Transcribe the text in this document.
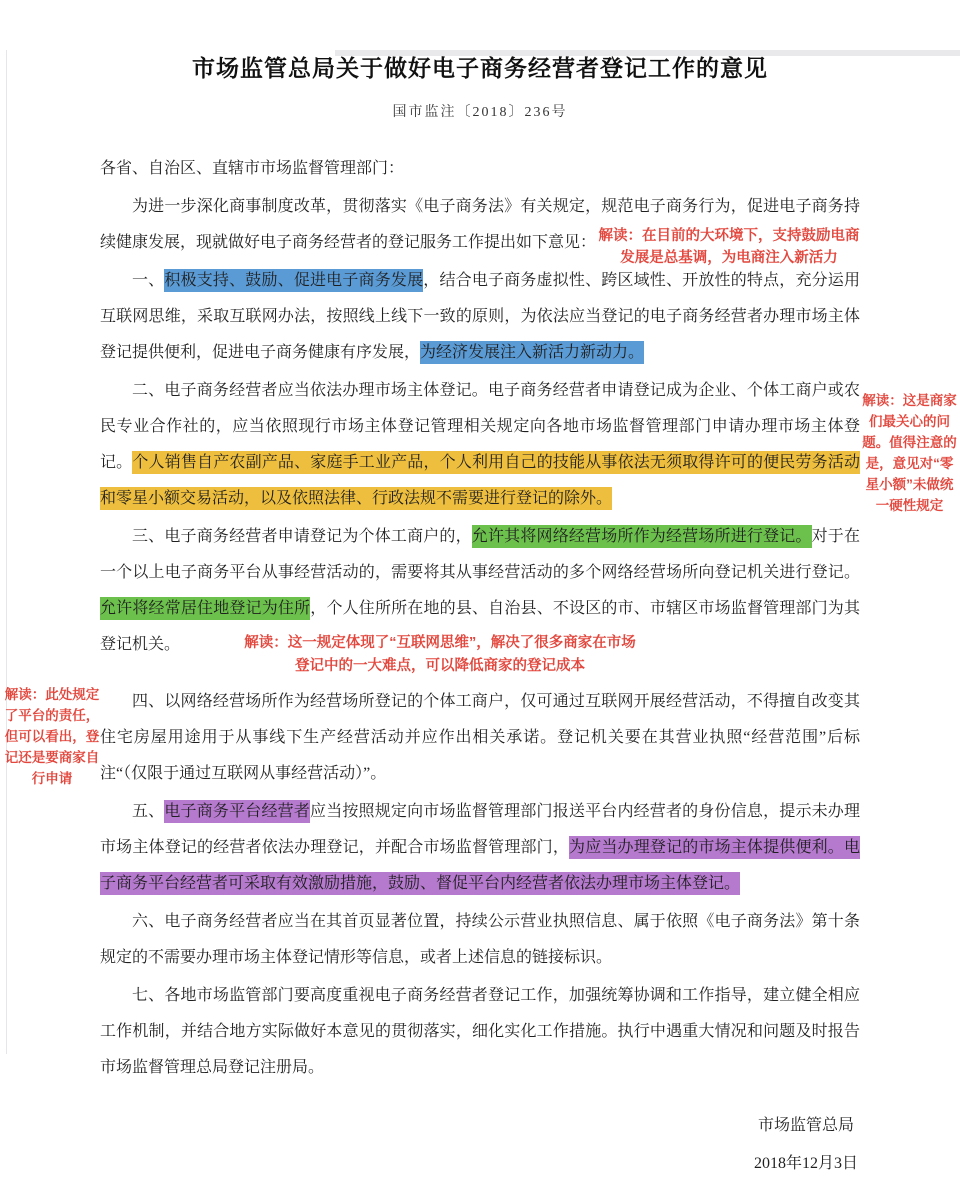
解读：这是商家们最关心的问题。值得注意的是，意见对“零星小额”未做统一硬性规定
解读：此处规定了平台的责任，但可以看出，登记还是要商家自行申请
市场监管总局关于做好电子商务经营者登记工作的意见
国市监注〔2018〕236号
各省、自治区、直辖市市场监督管理部门：

为进一步深化商事制度改革，贯彻落实《电子商务法》有关规定，规范电子商务行为，促进电子商务持续健康发展，现就做好电子商务经营者的登记服务工作提出如下意见： 解读：在目前的大环境下，支持鼓励电商发展是总基调，为电商注入新活力

一、积极支持、鼓励、促进电子商务发展，结合电子商务虚拟性、跨区域性、开放性的特点，充分运用互联网思维，采取互联网办法，按照线上线下一致的原则，为依法应当登记的电子商务经营者办理市场主体登记提供便利，促进电子商务健康有序发展，为经济发展注入新活力新动力。

二、电子商务经营者应当依法办理市场主体登记。电子商务经营者申请登记成为企业、个体工商户或农民专业合作社的，应当依照现行市场主体登记管理相关规定向各地市场监督管理部门申请办理市场主体登记。个人销售自产农副产品、家庭手工业产品，个人利用自己的技能从事依法无须取得许可的便民劳务活动和零星小额交易活动，以及依照法律、行政法规不需要进行登记的除外。

三、电子商务经营者申请登记为个体工商户的，允许其将网络经营场所作为经营场所进行登记。对于在一个以上电子商务平台从事经营活动的，需要将其从事经营活动的多个网络经营场所向登记机关进行登记。允许将经常居住地登记为住所，个人住所所在地的县、自治县、不设区的市、市辖区市场监督管理部门为其登记机关。	解读：这一规定体现了“互联网思维”，解决了很多商家在市场登记中的一大难点，可以降低商家的登记成本

四、以网络经营场所作为经营场所登记的个体工商户，仅可通过互联网开展经营活动，不得擅自改变其住宅房屋用途用于从事线下生产经营活动并应作出相关承诺。登记机关要在其营业执照“经营范围”后标注“（仅限于通过互联网从事经营活动）”。

五、电子商务平台经营者应当按照规定向市场监督管理部门报送平台内经营者的身份信息，提示未办理市场主体登记的经营者依法办理登记，并配合市场监督管理部门，为应当办理登记的市场主体提供便利。电子商务平台经营者可采取有效激励措施，鼓励、督促平台内经营者依法办理市场主体登记。

六、电子商务经营者应当在其首页显著位置，持续公示营业执照信息、属于依照《电子商务法》第十条规定的不需要办理市场主体登记情形等信息，或者上述信息的链接标识。

七、各地市场监管部门要高度重视电子商务经营者登记工作，加强统筹协调和工作指导，建立健全相应工作机制，并结合地方实际做好本意见的贯彻落实，细化实化工作措施。执行中遇重大情况和问题及时报告市场监督管理总局登记注册局。

市场监管总局
2018年12月3日
